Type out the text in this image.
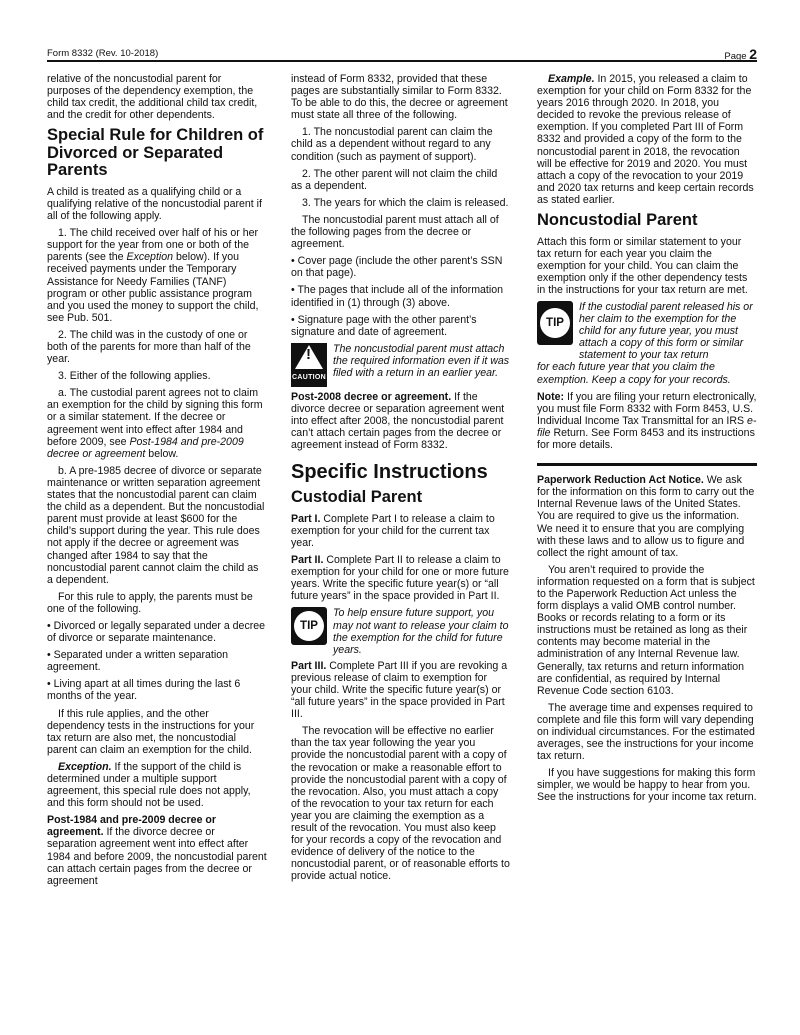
Form 8332 (Rev. 10-2018)	Page 2

relative of the noncustodial parent for purposes of the dependency exemption, the child tax credit, the additional child tax credit, and the credit for other dependents.

Special Rule for Children of Divorced or Separated Parents

A child is treated as a qualifying child or a qualifying relative of the noncustodial parent if all of the following apply.

1. The child received over half of his or her support for the year from one or both of the parents (see the Exception below). If you received payments under the Temporary Assistance for Needy Families (TANF) program or other public assistance program and you used the money to support the child, see Pub. 501.

2. The child was in the custody of one or both of the parents for more than half of the year.

3. Either of the following applies.

a. The custodial parent agrees not to claim an exemption for the child by signing this form or a similar statement. If the decree or agreement went into effect after 1984 and before 2009, see Post-1984 and pre-2009 decree or agreement below.

b. A pre-1985 decree of divorce or separate maintenance or written separation agreement states that the noncustodial parent can claim the child as a dependent. But the noncustodial parent must provide at least $600 for the child’s support during the year. This rule does not apply if the decree or agreement was changed after 1984 to say that the noncustodial parent cannot claim the child as a dependent.

For this rule to apply, the parents must be one of the following.

• Divorced or legally separated under a decree of divorce or separate maintenance.

• Separated under a written separation agreement.

• Living apart at all times during the last 6 months of the year.

If this rule applies, and the other dependency tests in the instructions for your tax return are also met, the noncustodial parent can claim an exemption for the child.

Exception. If the support of the child is determined under a multiple support agreement, this special rule does not apply, and this form should not be used.

Post-1984 and pre-2009 decree or agreement. If the divorce decree or separation agreement went into effect after 1984 and before 2009, the noncustodial parent can attach certain pages from the decree or agreement

instead of Form 8332, provided that these pages are substantially similar to Form 8332. To be able to do this, the decree or agreement must state all three of the following.

1. The noncustodial parent can claim the child as a dependent without regard to any condition (such as payment of support).

2. The other parent will not claim the child as a dependent.

3. The years for which the claim is released.

The noncustodial parent must attach all of the following pages from the decree or agreement.

• Cover page (include the other parent’s SSN on that page).

• The pages that include all of the information identified in (1) through (3) above.

• Signature page with the other parent’s signature and date of agreement.

!
CAUTION
The noncustodial parent must attach the required information even if it was filed with a return in an earlier year.

Post-2008 decree or agreement. If the divorce decree or separation agreement went into effect after 2008, the noncustodial parent can’t attach certain pages from the decree or agreement instead of Form 8332.

Specific Instructions
Custodial Parent

Part I. Complete Part I to release a claim to exemption for your child for the current tax year.

Part II. Complete Part II to release a claim to exemption for your child for one or more future years. Write the specific future year(s) or “all future years” in the space provided in Part II.

TIP
To help ensure future support, you may not want to release your claim to the exemption for the child for future years.

Part III. Complete Part III if you are revoking a previous release of claim to exemption for your child. Write the specific future year(s) or “all future years” in the space provided in Part III.

The revocation will be effective no earlier than the tax year following the year you provide the noncustodial parent with a copy of the revocation or make a reasonable effort to provide the noncustodial parent with a copy of the revocation. Also, you must attach a copy of the revocation to your tax return for each year you are claiming the exemption as a result of the revocation. You must also keep for your records a copy of the revocation and evidence of delivery of the notice to the noncustodial parent, or of reasonable efforts to provide actual notice.

Example. In 2015, you released a claim to exemption for your child on Form 8332 for the years 2016 through 2020. In 2018, you decided to revoke the previous release of exemption. If you completed Part III of Form 8332 and provided a copy of the form to the noncustodial parent in 2018, the revocation will be effective for 2019 and 2020. You must attach a copy of the revocation to your 2019 and 2020 tax returns and keep certain records as stated earlier.

Noncustodial Parent

Attach this form or similar statement to your tax return for each year you claim the exemption for your child. You can claim the exemption only if the other dependency tests in the instructions for your tax return are met.

TIP
If the custodial parent released his or her claim to the exemption for the child for any future year, you must attach a copy of this form or similar statement to your tax return

for each future year that you claim the exemption. Keep a copy for your records.

Note: If you are filing your return electronically, you must file Form 8332 with Form 8453, U.S. Individual Income Tax Transmittal for an IRS e-file Return. See Form 8453 and its instructions for more details.

Paperwork Reduction Act Notice. We ask for the information on this form to carry out the Internal Revenue laws of the United States. You are required to give us the information. We need it to ensure that you are complying with these laws and to allow us to figure and collect the right amount of tax.

You aren’t required to provide the information requested on a form that is subject to the Paperwork Reduction Act unless the form displays a valid OMB control number. Books or records relating to a form or its instructions must be retained as long as their contents may become material in the administration of any Internal Revenue law. Generally, tax returns and return information are confidential, as required by Internal Revenue Code section 6103.

The average time and expenses required to complete and file this form will vary depending on individual circumstances. For the estimated averages, see the instructions for your income tax return.

If you have suggestions for making this form simpler, we would be happy to hear from you. See the instructions for your income tax return.
